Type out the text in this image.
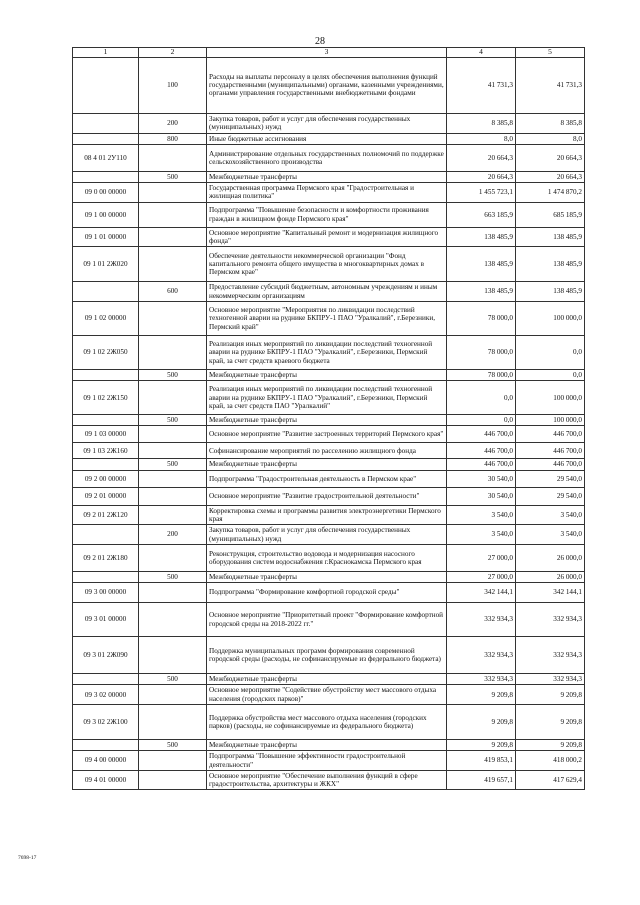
28
1	2	3	4	5
	100	Расходы на выплаты персоналу в целях обеспечения выполнения функций государственными (муниципальными) органами, казенными учреждениями, органами управления государственными внебюджетными фондами	41 731,3	41 731,3
	200	Закупка товаров, работ и услуг для обеспечения государственных (муниципальных) нужд	8 385,8	8 385,8
	800	Иные бюджетные ассигнования	8,0	8,0
08 4 01 2У110		Администрирование отдельных государственных полномочий по поддержке сельскохозяйственного производства	20 664,3	20 664,3
	500	Межбюджетные трансферты	20 664,3	20 664,3
09 0 00 00000		Государственная программа Пермского края "Градостроительная и жилищная политика"	1 455 723,1	1 474 870,2
09 1 00 00000		Подпрограмма "Повышение безопасности и комфортности проживания граждан в жилищном фонде Пермского края"	663 185,9	685 185,9
09 1 01 00000		Основное мероприятие "Капитальный ремонт и модернизация жилищного фонда"	138 485,9	138 485,9
09 1 01 2Ж020		Обеспечение деятельности некоммерческой организации "Фонд капитального ремонта общего имущества в многоквартирных домах в Пермском крае"	138 485,9	138 485,9
	600	Предоставление субсидий бюджетным, автономным учреждениям и иным некоммерческим организациям	138 485,9	138 485,9
09 1 02 00000		Основное мероприятие "Мероприятия по ликвидации последствий техногенной аварии на руднике БКПРУ-1 ПАО "Уралкалий", г.Березники, Пермский край"	78 000,0	100 000,0
09 1 02 2Ж050		Реализация иных мероприятий по ликвидации последствий техногенной аварии на руднике БКПРУ-1 ПАО "Уралкалий", г.Березники, Пермский край, за счет средств краевого бюджета	78 000,0	0,0
	500	Межбюджетные трансферты	78 000,0	0,0
09 1 02 2Ж150		Реализация иных мероприятий по ликвидации последствий техногенной аварии на руднике БКПРУ-1 ПАО "Уралкалий", г.Березники, Пермский край, за счет средств ПАО "Уралкалий"	0,0	100 000,0
	500	Межбюджетные трансферты	0,0	100 000,0
09 1 03 00000		Основное мероприятие "Развитие застроенных территорий Пермского края"	446 700,0	446 700,0
09 1 03 2Ж160		Софинансирование мероприятий по расселению жилищного фонда	446 700,0	446 700,0
	500	Межбюджетные трансферты	446 700,0	446 700,0
09 2 00 00000		Подпрограмма "Градостроительная деятельность в Пермском крае"	30 540,0	29 540,0
09 2 01 00000		Основное мероприятие "Развитие градостроительной деятельности"	30 540,0	29 540,0
09 2 01 2Ж120		Корректировка схемы и программы развития электроэнергетики Пермского края	3 540,0	3 540,0
	200	Закупка товаров, работ и услуг для обеспечения государственных (муниципальных) нужд	3 540,0	3 540,0
09 2 01 2Ж180		Реконструкция, строительство водовода и модернизация насосного оборудования систем водоснабжения г.Краснокамска Пермского края	27 000,0	26 000,0
	500	Межбюджетные трансферты	27 000,0	26 000,0
09 3 00 00000		Подпрограмма "Формирование комфортной городской среды"	342 144,1	342 144,1
09 3 01 00000		Основное мероприятие "Приоритетный проект "Формирование комфортной городской среды на 2018-2022 гг."	332 934,3	332 934,3
09 3 01 2Ж090		Поддержка муниципальных программ формирования современной городской среды (расходы, не софинансируемые из федерального бюджета)	332 934,3	332 934,3
	500	Межбюджетные трансферты	332 934,3	332 934,3
09 3 02 00000		Основное мероприятие "Содействие обустройству мест массового отдыха населения (городских парков)"	9 209,8	9 209,8
09 3 02 2Ж100		Поддержка обустройства мест массового отдыха населения (городских парков) (расходы, не софинансируемые из федерального бюджета)	9 209,8	9 209,8
	500	Межбюджетные трансферты	9 209,8	9 209,8
09 4 00 00000		Подпрограмма "Повышение эффективности градостроительной деятельности"	419 853,1	418 000,2
09 4 01 00000		Основное мероприятие "Обеспечение выполнения функций в сфере градостроительства, архитектуры и ЖКХ"	419 657,1	417 629,4
7698-17
